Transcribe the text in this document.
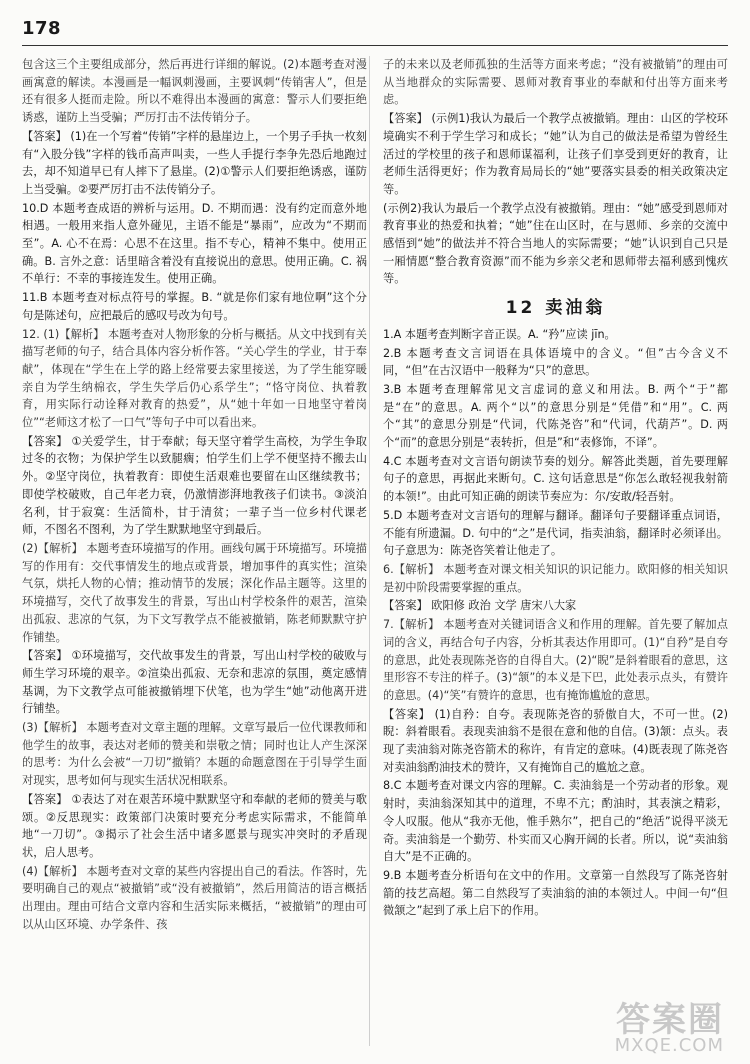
178

包含这三个主要组成部分，然后再进行详细的解说。(2)本题考查对漫画寓意的解读。本漫画是一幅讽刺漫画，主要讽刺“传销害人”，但是还有很多人挺而走险。所以不难得出本漫画的寓意：警示人们要拒绝诱惑，谨防上当受骗；严厉打击不法传销分子。

【答案】 (1)在一个写着“传销”字样的悬崖边上，一个男子手执一枚刻有“入股分钱”字样的钱币高声叫卖，一些人手提行李争先恐后地跑过去，却不知道早已有人摔下了悬崖。(2)①警示人们要拒绝诱惑，谨防上当受骗。②要严厉打击不法传销分子。

10.D 本题考查成语的辨析与运用。D. 不期而遇：没有约定而意外地相遇。一般用来指人意外碰见，主语不能是“暴雨”，应改为“不期而至”。A. 心不在焉：心思不在这里。指不专心，精神不集中。使用正确。B. 言外之意：话里暗含着没有直接说出的意思。使用正确。C. 祸不单行：不幸的事接连发生。使用正确。

11.B 本题考查对标点符号的掌握。B. “就是你们家有地位啊”这个分句是陈述句，应把最后的感叹号改为句号。

12. (1)【解析】 本题考查对人物形象的分析与概括。从文中找到有关描写老师的句子，结合具体内容分析作答。“关心学生的学业，甘于奉献”，体现在“学生在上学的路上经常要去家里接送，为了学生能穿暖亲自为学生纳棉衣，学生失学后仍心系学生”；“恪守岗位、执着教育，用实际行动诠释对教育的热爱”，从“她十年如一日地坚守着岗位”“老师这才松了一口气”等句子中可以看出来。

【答案】 ①关爱学生，甘于奉献；每天坚守着学生高校，为学生争取过冬的衣物；为保护学生以致腿瘸；怕学生们上学不便坚持不搬去山外。②坚守岗位，执着教育：即使生活艰难也要留在山区继续教书；即使学校破败，自己年老力衰，仍激情澎湃地教孩子们读书。③淡泊名利，甘于寂寞：生活简朴，甘于清贫；一辈子当一位乡村代课老师，不图名不图利，为了学生默默地坚守到最后。

(2)【解析】 本题考查环境描写的作用。画线句属于环境描写。环境描写的作用有：交代事情发生的地点或背景，增加事件的真实性；渲染气氛，烘托人物的心情；推动情节的发展；深化作品主题等。这里的环境描写，交代了故事发生的背景，写出山村学校条件的艰苦，渲染出孤寂、悲凉的气氛，为下文写教学点不能被撤销，陈老师默默守护作铺垫。

【答案】 ①环境描写，交代故事发生的背景，写出山村学校的破败与师生学习环境的艰辛。②渲染出孤寂、无奈和悲凉的氛围，奠定感情基调，为下文教学点可能被撤销埋下伏笔，也为学生“她”动他离开进行铺垫。

(3)【解析】 本题考查对文章主题的理解。文章写最后一位代课教师和他学生的故事，表达对老师的赞美和崇敬之情；同时也让人产生深深的思考：为什么会被“一刀切”撤销？本题的命题意图在于引导学生面对现实，思考如何与现实生活状况相联系。

【答案】 ①表达了对在艰苦环境中默默坚守和奉献的老师的赞美与歌颂。②反思现实：政策部门决策时要充分考虑实际需求，不能简单地“一刀切”。③揭示了社会生活中诸多愿景与现实冲突时的矛盾现状，启人思考。

(4)【解析】 本题考查对文章的某些内容提出自己的看法。作答时，先要明确自己的观点“被撤销”或“没有被撤销”，然后用简洁的语言概括出理由。理由可结合文章内容和生活实际来概括，“被撤销”的理由可以从山区环境、办学条件、孩

子的未来以及老师孤独的生活等方面来考虑；“没有被撤销”的理由可从当地群众的实际需要、恩师对教育事业的奉献和付出等方面来考虑。

【答案】 (示例1)我认为最后一个教学点被撤销。理由：山区的学校环境确实不利于学生学习和成长；“她”认为自己的做法是希望为曾经生活过的学校里的孩子和恩师谋福利，让孩子们享受到更好的教育，让老师生活得更好；作为教育局局长的“她”要落实县委的相关政策决定等。

(示例2)我认为最后一个教学点没有被撤销。理由：“她”感受到恩师对教育事业的热爱和执着；“她”住在山区时，在与恩师、乡亲的交流中感悟到“她”的做法并不符合当地人的实际需要；“她”认识到自己只是一厢情愿“整合教育资源”而不能为乡亲父老和恩师带去福利感到愧疚等。

12 卖油翁

1.A 本题考查判断字音正误。A. “矜”应读 jīn。

2.B 本题考查文言词语在具体语境中的含义。“但”古今含义不同，“但”在古汉语中一般释为“只”的意思。

3.B 本题考查理解常见文言虚词的意义和用法。B. 两个“于”都是“在”的意思。A. 两个“以”的意思分别是“凭借”和“用”。C. 两个“其”的意思分别是“代词，代陈尧咨”和“代词，代葫芦”。D. 两个“而”的意思分别是“表转折，但是”和“表修饰，不译”。

4.C 本题考查对文言语句朗读节奏的划分。解答此类题，首先要理解句子的意思，再据此来断句。C. 这句话意思是“你怎么敢轻视我射箭的本领!”。由此可知正确的朗读节奏应为：尔/安敢/轻吾射。

5.D 本题考查对文言语句的理解与翻译。翻译句子要翻译重点词语，不能有所遗漏。D. 句中的“之”是代词，指卖油翁，翻译时必须译出。句子意思为：陈尧咨笑着让他走了。

6.【解析】 本题考查对课文相关知识的识记能力。欧阳修的相关知识是初中阶段需要掌握的重点。

【答案】 欧阳修 政治 文学 唐宋八大家

7.【解析】 本题考查对关键词语含义和作用的理解。首先要了解加点词的含义，再结合句子内容，分析其表达作用即可。(1)“自矜”是自夸的意思，此处表现陈尧咨的自得自大。(2)“睨”是斜着眼看的意思，这里形容不专注的样子。(3)“颔”的本义是下巴，此处表示点头，有赞许的意思。(4)“笑”有赞许的意思，也有掩饰尴尬的意思。

【答案】 (1)自矜：自夸。表现陈尧咨的骄傲自大，不可一世。(2)睨：斜着眼看。表现卖油翁不是很在意和他的自信。(3)颔：点头。表现了卖油翁对陈尧咨箭术的称许，有肯定的意味。(4)既表现了陈尧咨对卖油翁酌油技术的赞许，又有掩饰自己的尴尬之意。

8.C 本题考查对课文内容的理解。C. 卖油翁是一个劳动者的形象。观射时，卖油翁深知其中的道理，不卑不亢；酌油时，其表演之精彩，令人叹服。他从“我亦无他，惟手熟尔”，把自己的“绝活”说得平淡无奇。卖油翁是一个勤劳、朴实而又心胸开阔的长者。所以，说“卖油翁自大”是不正确的。

9.B 本题考查分析语句在文中的作用。文章第一自然段写了陈尧咨射箭的技艺高超。第二自然段写了卖油翁的油的本领过人。中间一句“但微颔之”起到了承上启下的作用。

答案圈
MXQE.COM
